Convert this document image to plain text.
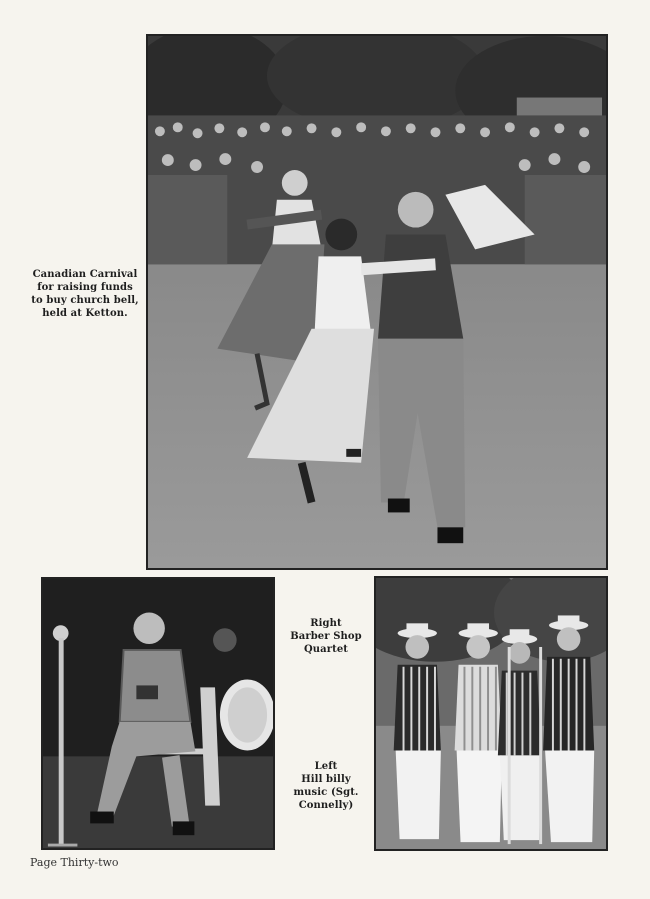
Canadian Carnival
for raising funds
to buy church bell,
held at Ketton.
Right
Barber Shop
Quartet
Left
Hill billy
music (Sgt.
Connelly)
Page Thirty-two
